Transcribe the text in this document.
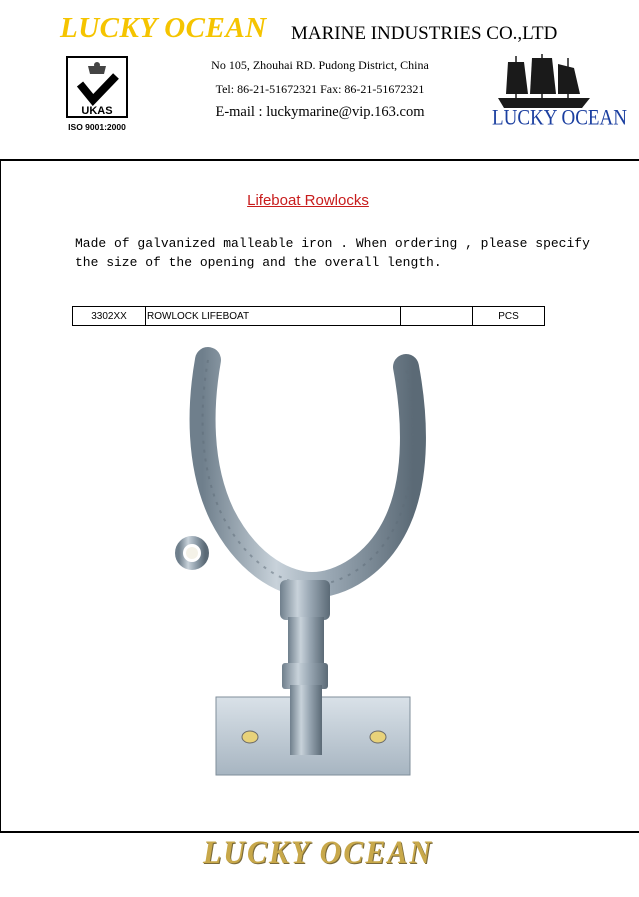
LUCKY OCEAN MARINE INDUSTRIES CO.,LTD
UKAS
ISO 9001:2000
No 105, Zhouhai RD. Pudong District, China
Tel: 86-21-51672321 Fax: 86-21-51672321
E-mail : luckymarine@vip.163.com	LUCKY OCEAN
Lifeboat Rowlocks
Made of galvanized malleable iron . When ordering , please specify the size of the opening and the overall length.
3302XX	ROWLOCK LIFEBOAT		PCS
LUCKY OCEAN
